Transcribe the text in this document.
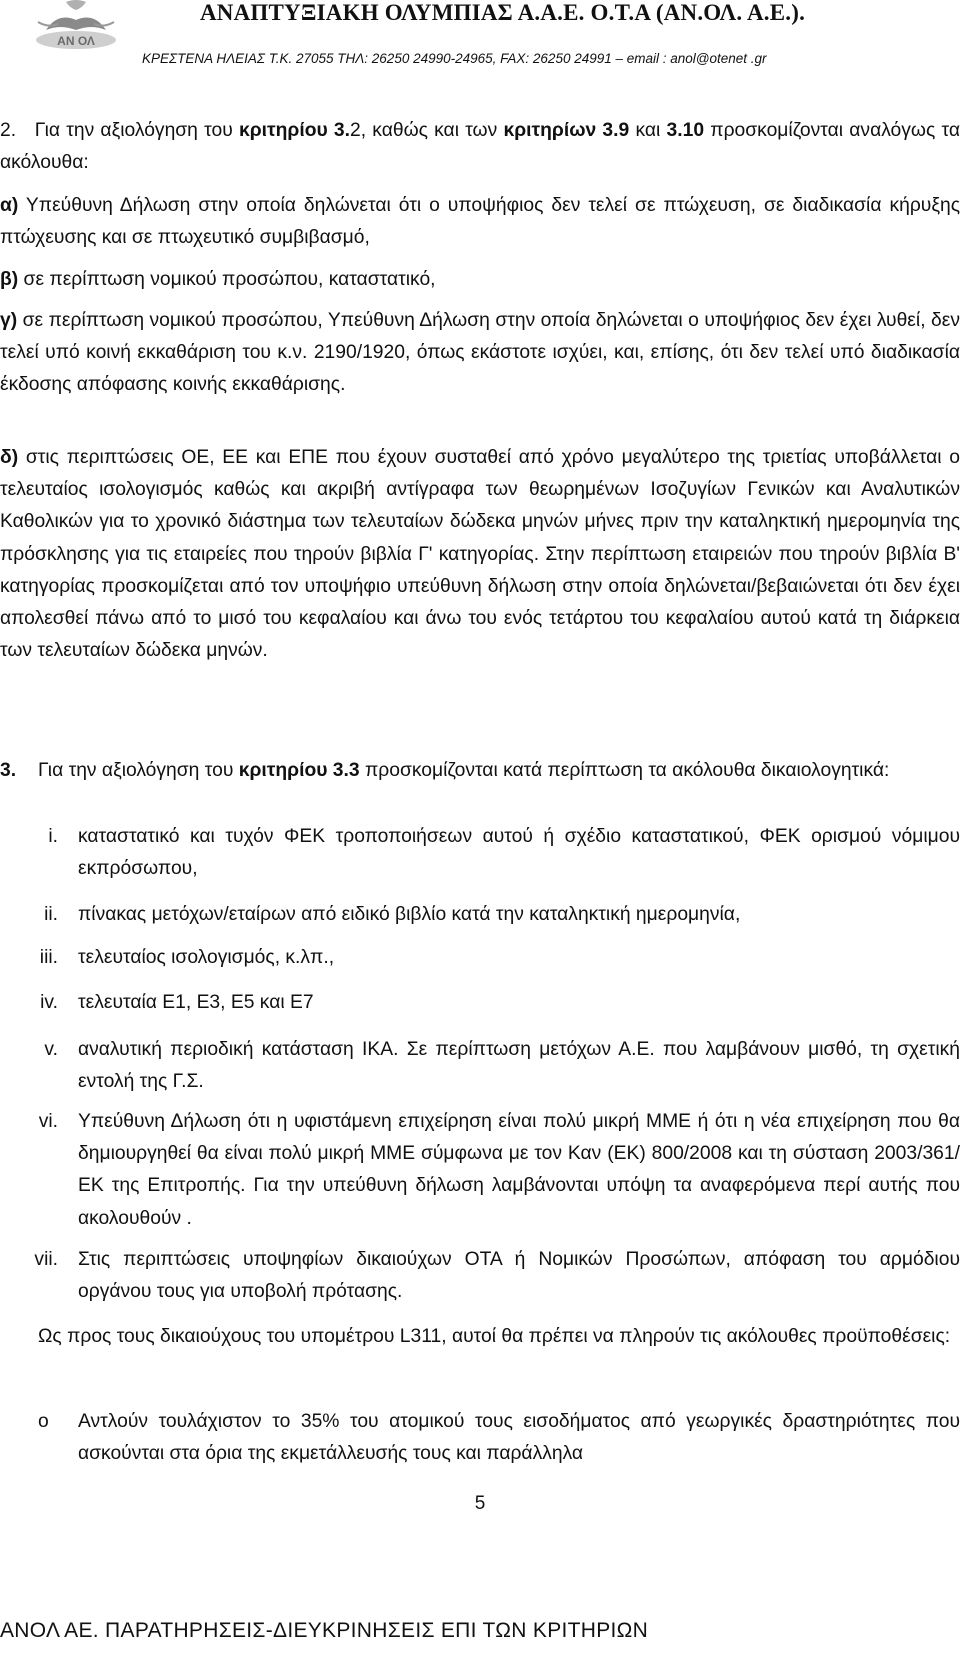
ΑΝ ΟΛ
ΑΝΑΠΤΥΞΙΑΚΗ ΟΛΥΜΠΙΑΣ Α.Α.Ε. Ο.Τ.Α (ΑΝ.ΟΛ. Α.Ε.).
ΚΡΕΣΤΕΝΑ ΗΛΕΙΑΣ Τ.Κ. 27055 ΤΗΛ: 26250 24990-24965, FAX: 26250 24991 – email : anol@otenet .gr
2. Για την αξιολόγηση του κριτηρίου 3.2, καθώς και των κριτηρίων 3.9 και 3.10 προσκομίζονται αναλόγως τα ακόλουθα:
α) Υπεύθυνη Δήλωση στην οποία δηλώνεται ότι ο υποψήφιος δεν τελεί σε πτώχευση, σε διαδικασία κήρυξης πτώχευσης και σε πτωχευτικό συμβιβασμό,
β) σε περίπτωση νομικού προσώπου, καταστατικό,
γ) σε περίπτωση νομικού προσώπου, Υπεύθυνη Δήλωση στην οποία δηλώνεται ο υποψήφιος δεν έχει λυθεί, δεν τελεί υπό κοινή εκκαθάριση του κ.ν. 2190/1920, όπως εκάστοτε ισχύει, και, επίσης, ότι δεν τελεί υπό διαδικασία έκδοσης απόφασης κοινής εκκαθάρισης.
δ) στις περιπτώσεις ΟΕ, ΕΕ και ΕΠΕ που έχουν συσταθεί από χρόνο μεγαλύτερο της τριετίας υποβάλλεται ο τελευταίος ισολογισμός καθώς και ακριβή αντίγραφα των θεωρημένων Ισοζυγίων Γενικών και Αναλυτικών Καθολικών για το χρονικό διάστημα των τελευταίων δώδεκα μηνών μήνες πριν την καταληκτική ημερομηνία της πρόσκλησης για τις εταιρείες που τηρούν βιβλία Γ' κατηγορίας. Στην περίπτωση εταιρειών που τηρούν βιβλία Β' κατηγορίας προσκομίζεται από τον υποψήφιο υπεύθυνη δήλωση στην οποία δηλώνεται/βεβαιώνεται ότι δεν έχει απολεσθεί πάνω από το μισό του κεφαλαίου και άνω του ενός τετάρτου του κεφαλαίου αυτού κατά τη διάρκεια των τελευταίων δώδεκα μηνών.
3. Για την αξιολόγηση του κριτηρίου 3.3 προσκομίζονται κατά περίπτωση τα ακόλουθα δικαιολογητικά:
i. καταστατικό και τυχόν ΦΕΚ τροποποιήσεων αυτού ή σχέδιο καταστατικού, ΦΕΚ ορισμού νόμιμου εκπρόσωπου,
ii. πίνακας μετόχων/εταίρων από ειδικό βιβλίο κατά την καταληκτική ημερομηνία,
iii. τελευταίος ισολογισμός, κ.λπ.,
iv. τελευταία Ε1, Ε3, Ε5 και Ε7
v. αναλυτική περιοδική κατάσταση ΙΚΑ. Σε περίπτωση μετόχων Α.Ε. που λαμβάνουν μισθό, τη σχετική εντολή της Γ.Σ.
vi. Υπεύθυνη Δήλωση ότι η υφιστάμενη επιχείρηση είναι πολύ μικρή ΜΜΕ ή ότι η νέα επιχείρηση που θα δημιουργηθεί θα είναι πολύ μικρή ΜΜΕ σύμφωνα με τον Καν (ΕΚ) 800/2008 και τη σύσταση 2003/361/ΕΚ της Επιτροπής. Για την υπεύθυνη δήλωση λαμβάνονται υπόψη τα αναφερόμενα περί αυτής που ακολουθούν .
vii. Στις περιπτώσεις υποψηφίων δικαιούχων ΟΤΑ ή Νομικών Προσώπων, απόφαση του αρμόδιου οργάνου τους για υποβολή πρότασης.
Ως προς τους δικαιούχους του υπομέτρου L311, αυτοί θα πρέπει να πληρούν τις ακόλουθες προϋποθέσεις:
o Αντλούν τουλάχιστον το 35% του ατομικού τους εισοδήματος από γεωργικές δραστηριότητες που ασκούνται στα όρια της εκμετάλλευσής τους και παράλληλα
5
ΑΝΟΛ ΑΕ. ΠΑΡΑΤΗΡΗΣΕΙΣ-ΔΙΕΥΚΡΙΝΗΣΕΙΣ ΕΠΙ ΤΩΝ ΚΡΙΤΗΡΙΩΝ
